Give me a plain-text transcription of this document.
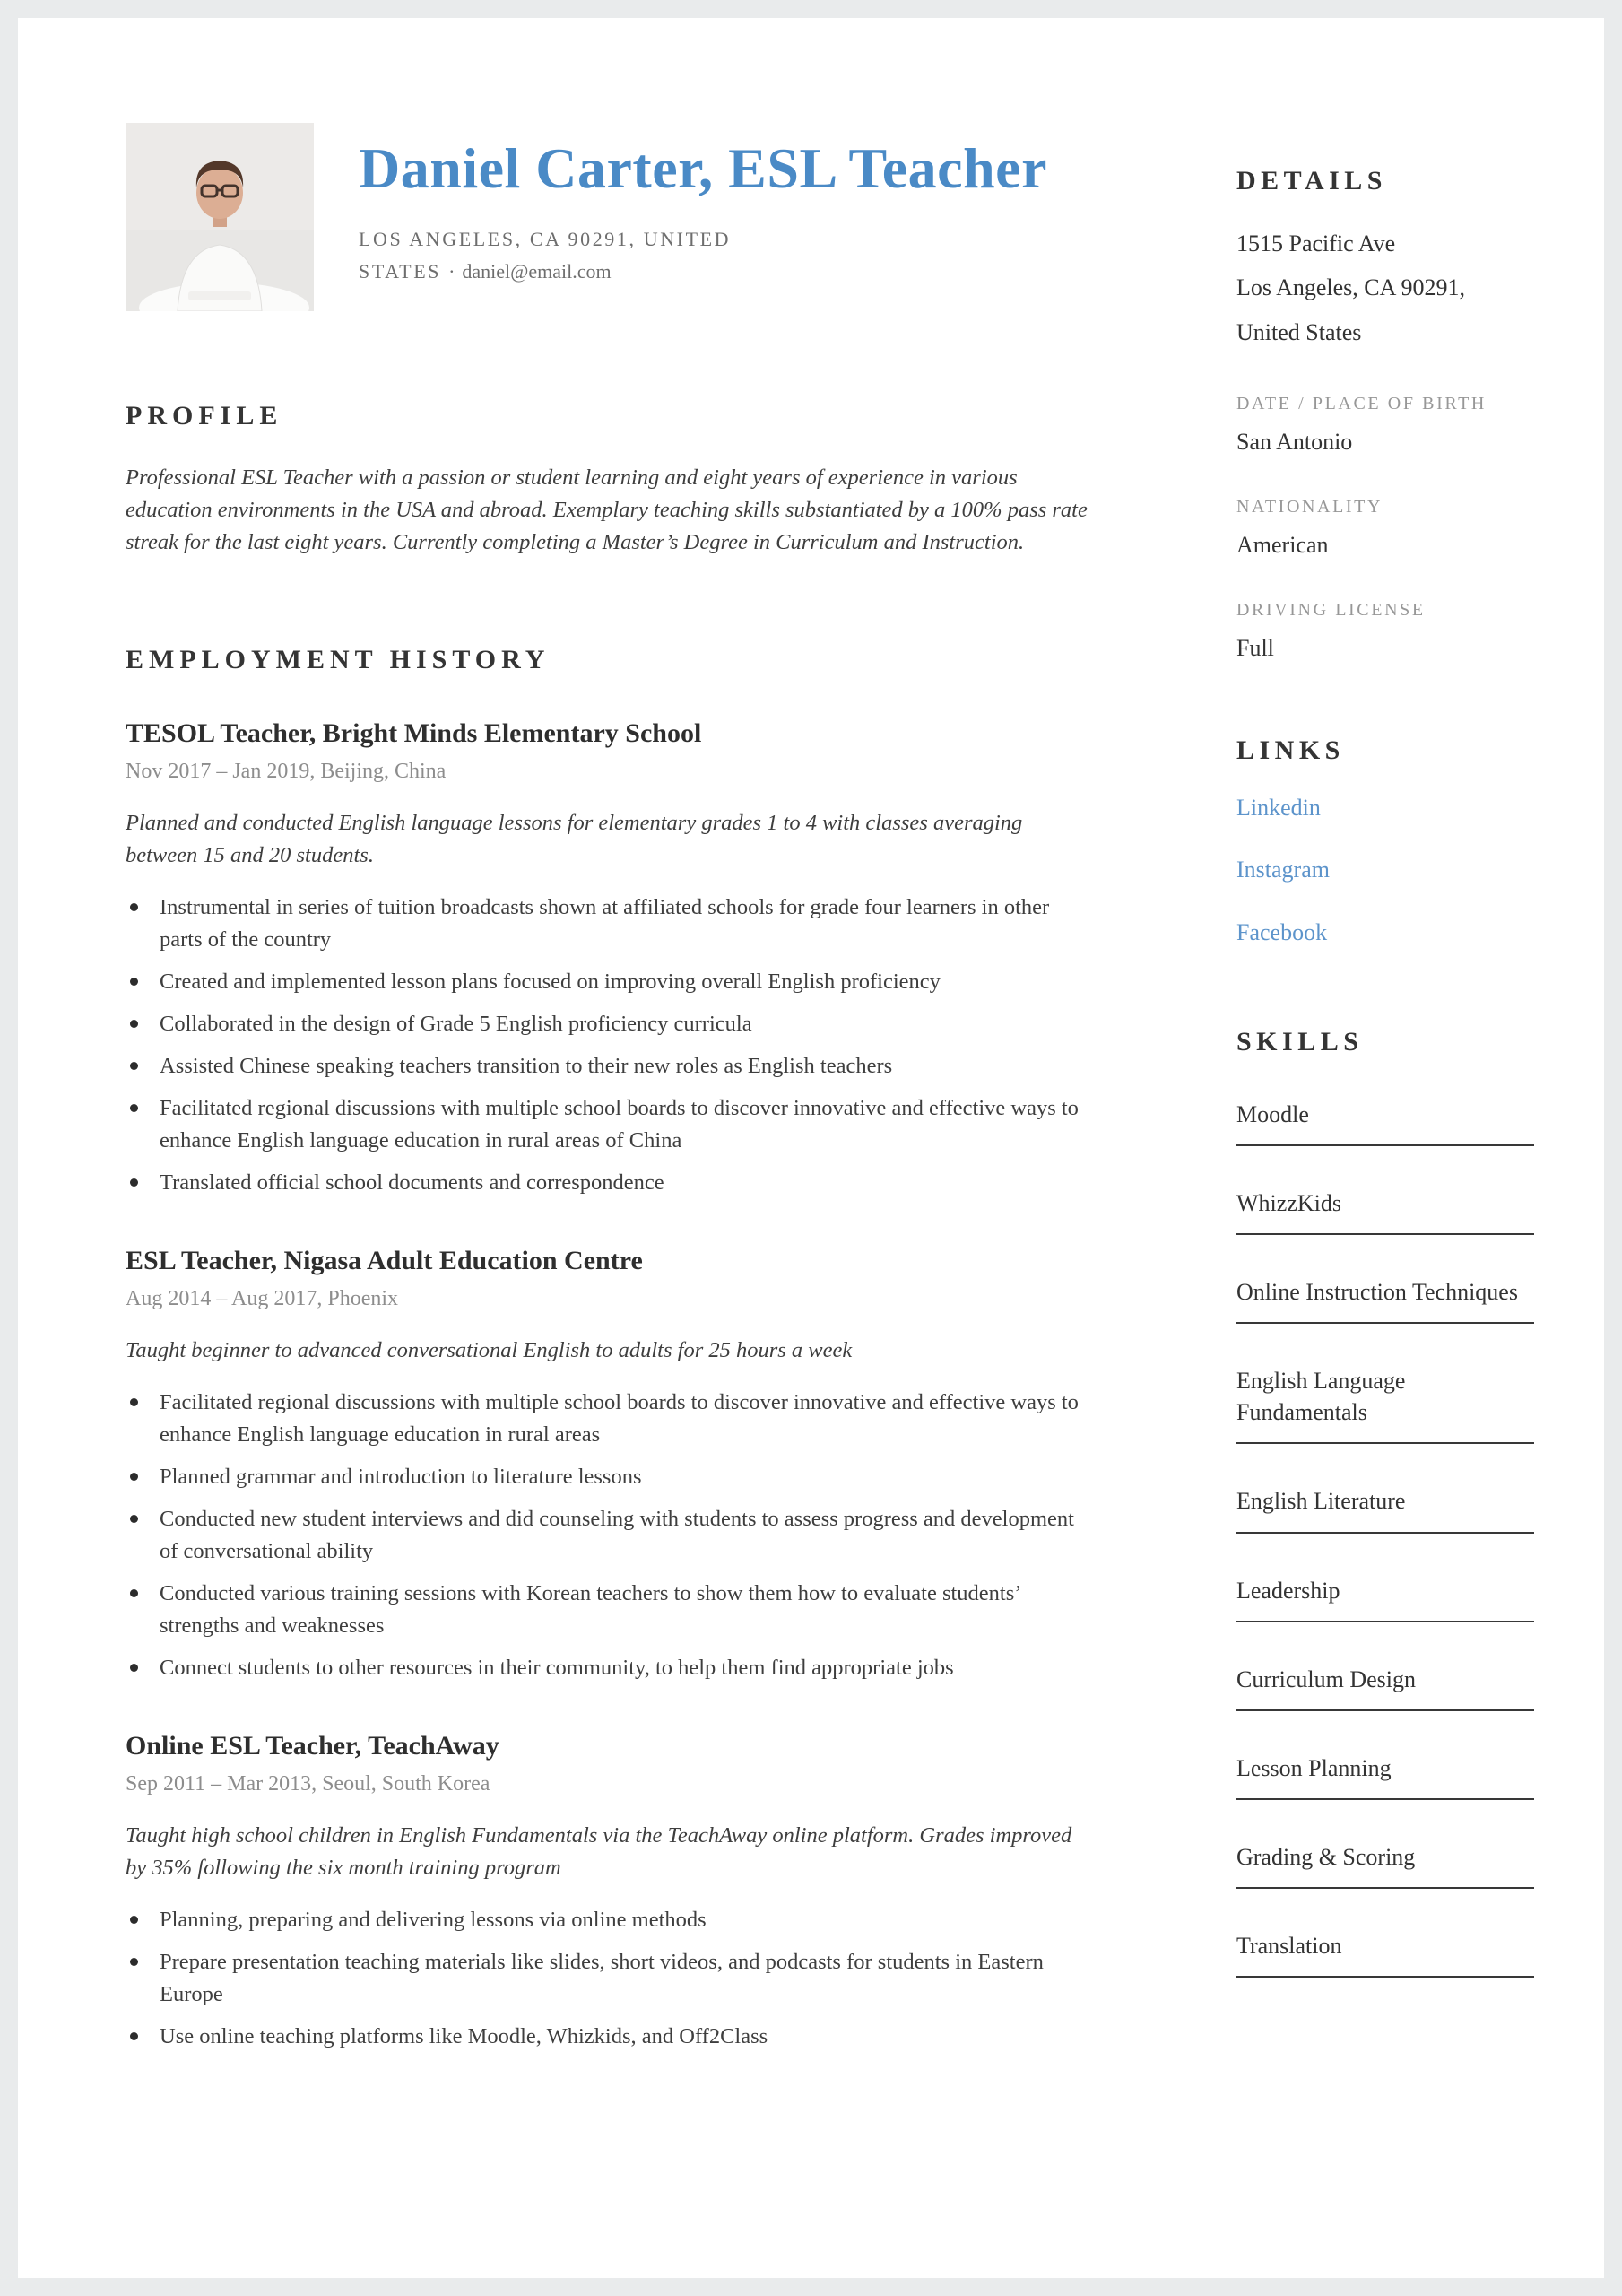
Daniel Carter, ESL Teacher

LOS ANGELES, CA 90291, UNITED STATES · daniel@email.com

PROFILE

Professional ESL Teacher with a passion or student learning and eight years of experience in various education environments in the USA and abroad. Exemplary teaching skills substantiated by a 100% pass rate streak for the last eight years. Currently completing a Master’s Degree in Curriculum and Instruction.

EMPLOYMENT HISTORY
TESOL Teacher, Bright Minds Elementary School

Nov 2017 – Jan 2019, Beijing, China

Planned and conducted English language lessons for elementary grades 1 to 4 with classes averaging between 15 and 20 students.

Instrumental in series of tuition broadcasts shown at affiliated schools for grade four learners in other parts of the country
Created and implemented lesson plans focused on improving overall English proficiency
Collaborated in the design of Grade 5 English proficiency curricula
Assisted Chinese speaking teachers transition to their new roles as English teachers
Facilitated regional discussions with multiple school boards to discover innovative and effective ways to enhance English language education in rural areas of China
Translated official school documents and correspondence
ESL Teacher, Nigasa Adult Education Centre

Aug 2014 – Aug 2017, Phoenix

Taught beginner to advanced conversational English to adults for 25 hours a week

Facilitated regional discussions with multiple school boards to discover innovative and effective ways to enhance English language education in rural areas
Planned grammar and introduction to literature lessons
Conducted new student interviews and did counseling with students to assess progress and development of conversational ability
Conducted various training sessions with Korean teachers to show them how to evaluate students’ strengths and weaknesses
Connect students to other resources in their community, to help them find appropriate jobs
Online ESL Teacher, TeachAway

Sep 2011 – Mar 2013, Seoul, South Korea

Taught high school children in English Fundamentals via the TeachAway online platform. Grades improved by 35% following the six month training program

Planning, preparing and delivering lessons via online methods
Prepare presentation teaching materials like slides, short videos, and podcasts for students in Eastern Europe
Use online teaching platforms like Moodle, Whizkids, and Off2Class
DETAILS

1515 Pacific Ave

Los Angeles, CA 90291, United States

DATE / PLACE OF BIRTH

San Antonio

NATIONALITY

American

DRIVING LICENSE

Full

LINKS

Linkedin

Instagram

Facebook

SKILLS
Moodle
WhizzKids
Online Instruction Techniques
English Language Fundamentals
English Literature
Leadership
Curriculum Design
Lesson Planning
Grading & Scoring
Translation
